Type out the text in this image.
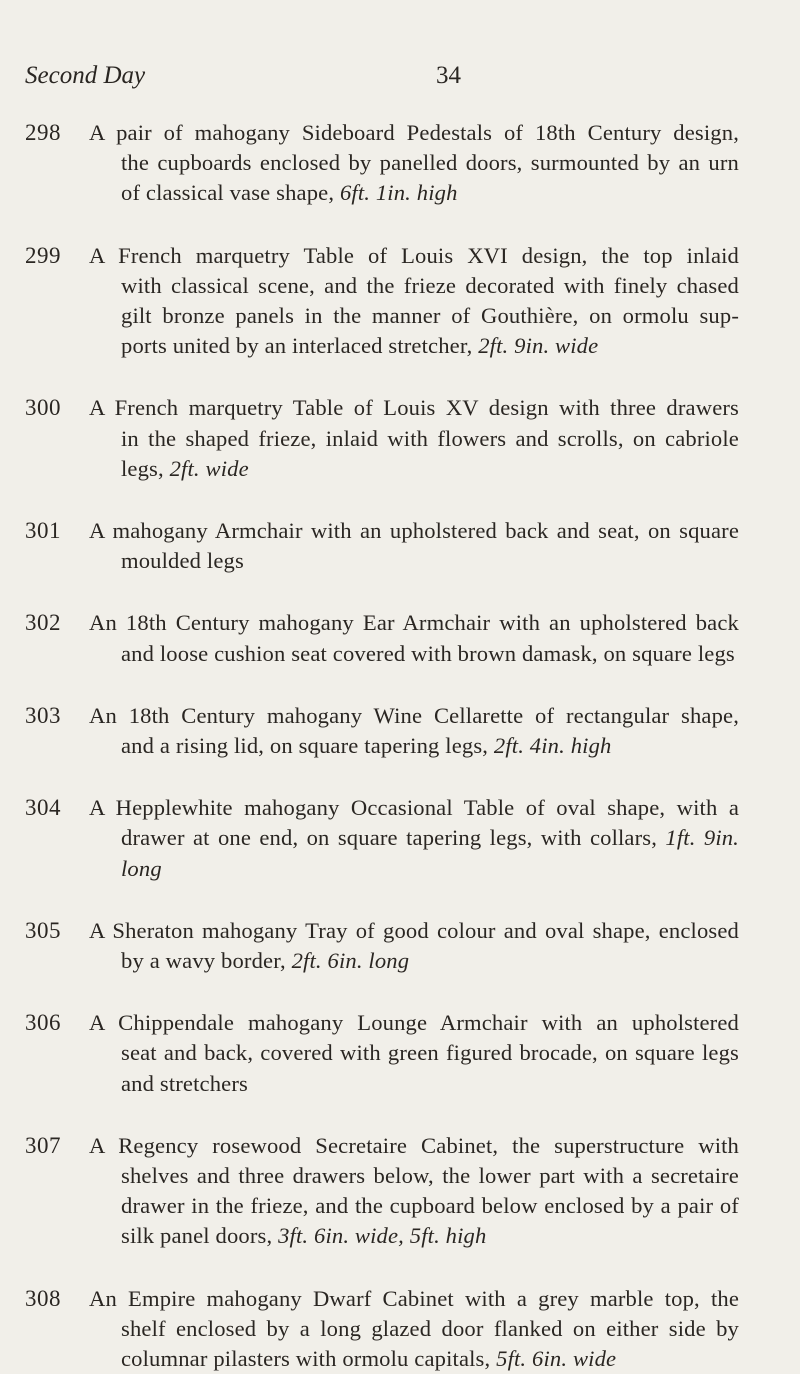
Second Day	34
298	A pair of mahogany Sideboard Pedestals of 18th Century design,
the cupboards enclosed by panelled doors, surmounted by an urn of classical vase shape, 6ft. 1in. high
299	A French marquetry Table of Louis XVI design, the top inlaid
with classical scene, and the frieze decorated with finely chased gilt bronze panels in the manner of Gouthière, on ormolu sup- ports united by an interlaced stretcher, 2ft. 9in. wide
300	A French marquetry Table of Louis XV design with three drawers
in the shaped frieze, inlaid with flowers and scrolls, on cabriole legs, 2ft. wide
301	A mahogany Armchair with an upholstered back and seat, on square
moulded legs
302	An 18th Century mahogany Ear Armchair with an upholstered back
and loose cushion seat covered with brown damask, on square legs
303	An 18th Century mahogany Wine Cellarette of rectangular shape,
and a rising lid, on square tapering legs, 2ft. 4in. high
304	A Hepplewhite mahogany Occasional Table of oval shape, with a
drawer at one end, on square tapering legs, with collars, 1ft. 9in. long
305	A Sheraton mahogany Tray of good colour and oval shape, enclosed
by a wavy border, 2ft. 6in. long
306	A Chippendale mahogany Lounge Armchair with an upholstered
seat and back, covered with green figured brocade, on square legs and stretchers
307	A Regency rosewood Secretaire Cabinet, the superstructure with
shelves and three drawers below, the lower part with a secretaire drawer in the frieze, and the cupboard below enclosed by a pair of silk panel doors, 3ft. 6in. wide, 5ft. high
308	An Empire mahogany Dwarf Cabinet with a grey marble top, the
shelf enclosed by a long glazed door flanked on either side by columnar pilasters with ormolu capitals, 5ft. 6in. wide
